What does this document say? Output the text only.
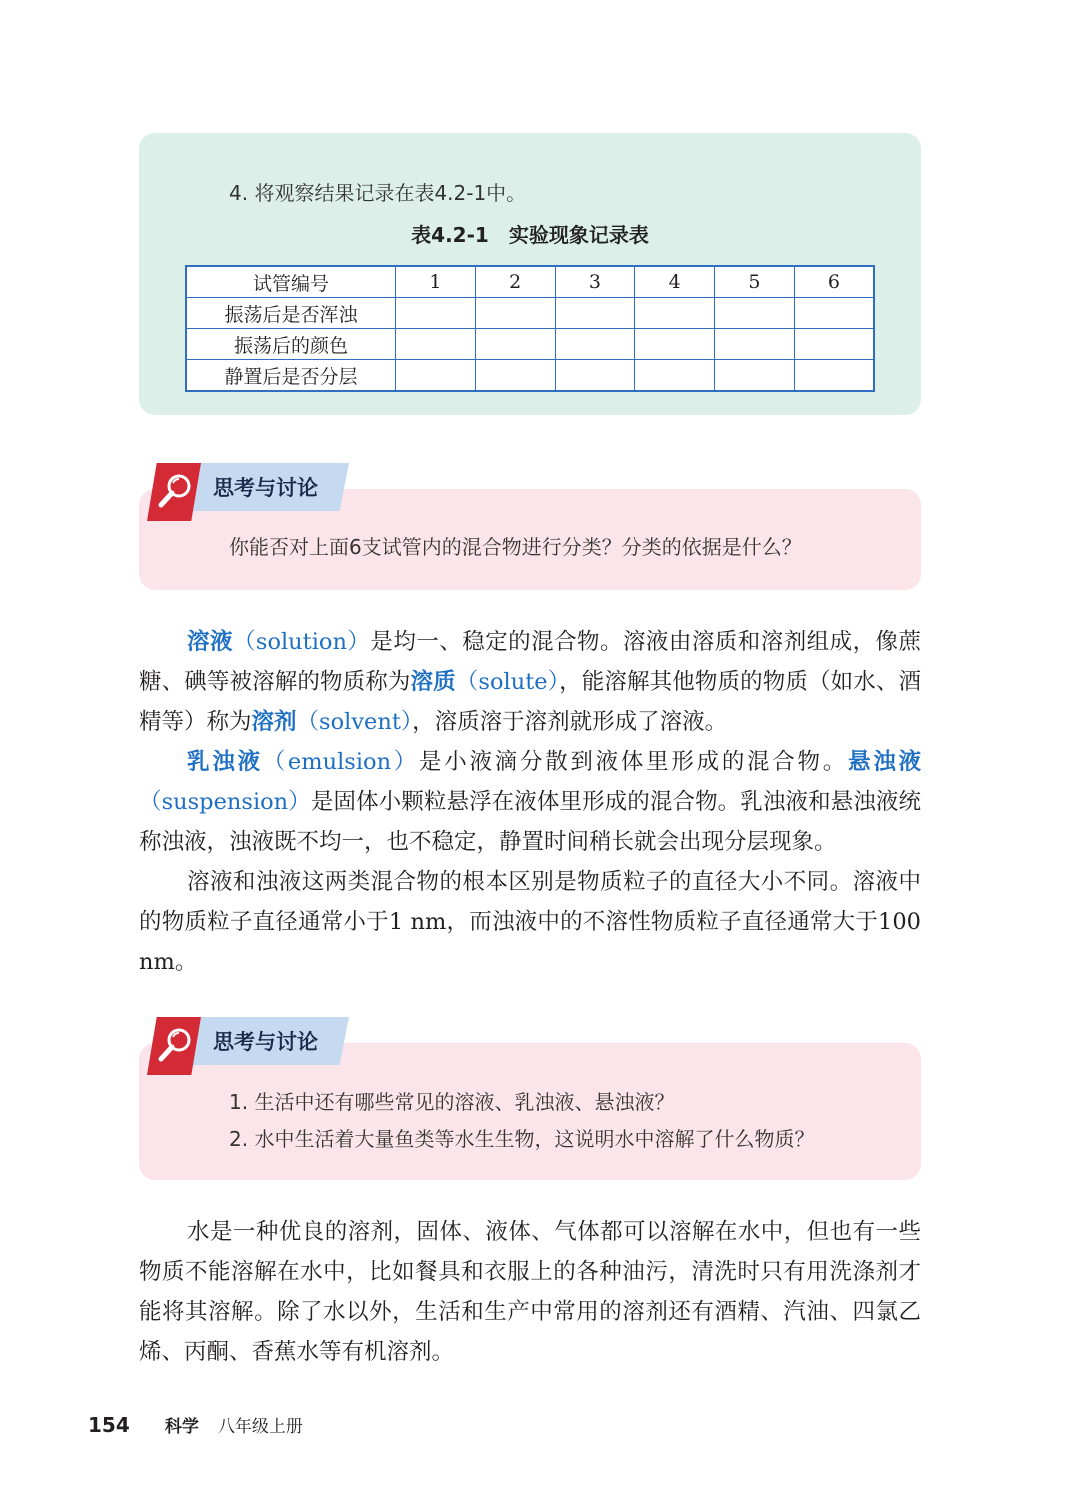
4. 将观察结果记录在表4.2-1中。
表4.2-1　实验现象记录表
试管编号	1	2	3	4	5	6
振荡后是否浑浊						
振荡后的颜色						
静置后是否分层						
你能否对上面6支试管内的混合物进行分类？分类的依据是什么？
思考与讨论

溶液（solution）是均一、稳定的混合物。溶液由溶质和溶剂组成，像蔗糖、碘等被溶解的物质称为溶质（solute），能溶解其他物质的物质（如水、酒精等）称为溶剂（solvent），溶质溶于溶剂就形成了溶液。

乳浊液（emulsion）是小液滴分散到液体里形成的混合物。悬浊液（suspension）是固体小颗粒悬浮在液体里形成的混合物。乳浊液和悬浊液统称浊液，浊液既不均一，也不稳定，静置时间稍长就会出现分层现象。

溶液和浊液这两类混合物的根本区别是物质粒子的直径大小不同。溶液中的物质粒子直径通常小于1 nm，而浊液中的不溶性物质粒子直径通常大于100 nm。

1. 生活中还有哪些常见的溶液、乳浊液、悬浊液？
2. 水中生活着大量鱼类等水生生物，这说明水中溶解了什么物质？
思考与讨论

水是一种优良的溶剂，固体、液体、气体都可以溶解在水中，但也有一些物质不能溶解在水中，比如餐具和衣服上的各种油污，清洗时只有用洗涤剂才能将其溶解。除了水以外，生活和生产中常用的溶剂还有酒精、汽油、四氯乙烯、丙酮、香蕉水等有机溶剂。

154 科学 八年级上册
